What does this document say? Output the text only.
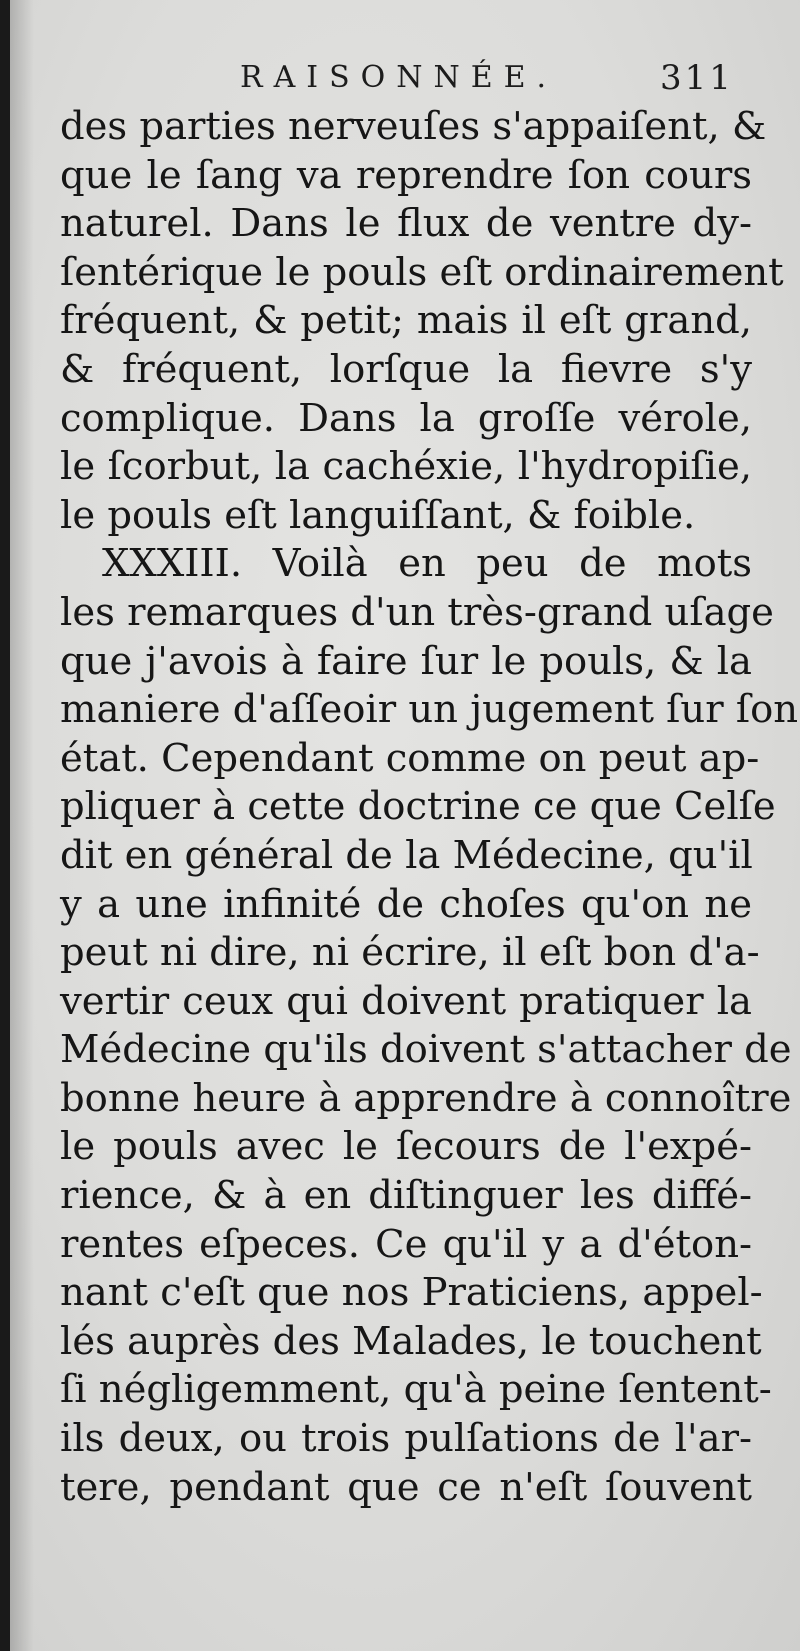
RAISONNÉE.	311
des parties nerveuſes s'appaiſent, &
que le ſang va reprendre ſon cours
naturel. Dans le flux de ventre dy-
ſentérique le pouls eſt ordinairement
fréquent, & petit; mais il eſt grand,
& fréquent, lorſque la fievre s'y
complique. Dans la groſſe vérole,
le ſcorbut, la cachéxie, l'hydropiſie,
le pouls eſt languiſſant, & foible.
XXXIII. Voilà en peu de mots
les remarques d'un très-grand uſage
que j'avois à faire ſur le pouls, & la
maniere d'aſſeoir un jugement ſur ſon
état. Cependant comme on peut ap-
pliquer à cette doctrine ce que Celſe
dit en général de la Médecine, qu'il
y a une infinité de choſes qu'on ne
peut ni dire, ni écrire, il eſt bon d'a-
vertir ceux qui doivent pratiquer la
Médecine qu'ils doivent s'attacher de
bonne heure à apprendre à connoître
le pouls avec le ſecours de l'expé-
rience, & à en diſtinguer les diffé-
rentes eſpeces. Ce qu'il y a d'éton-
nant c'eſt que nos Praticiens, appel-
lés auprès des Malades, le touchent
ſi négligemment, qu'à peine ſentent-
ils deux, ou trois pulſations de l'ar-
tere, pendant que ce n'eſt ſouvent
